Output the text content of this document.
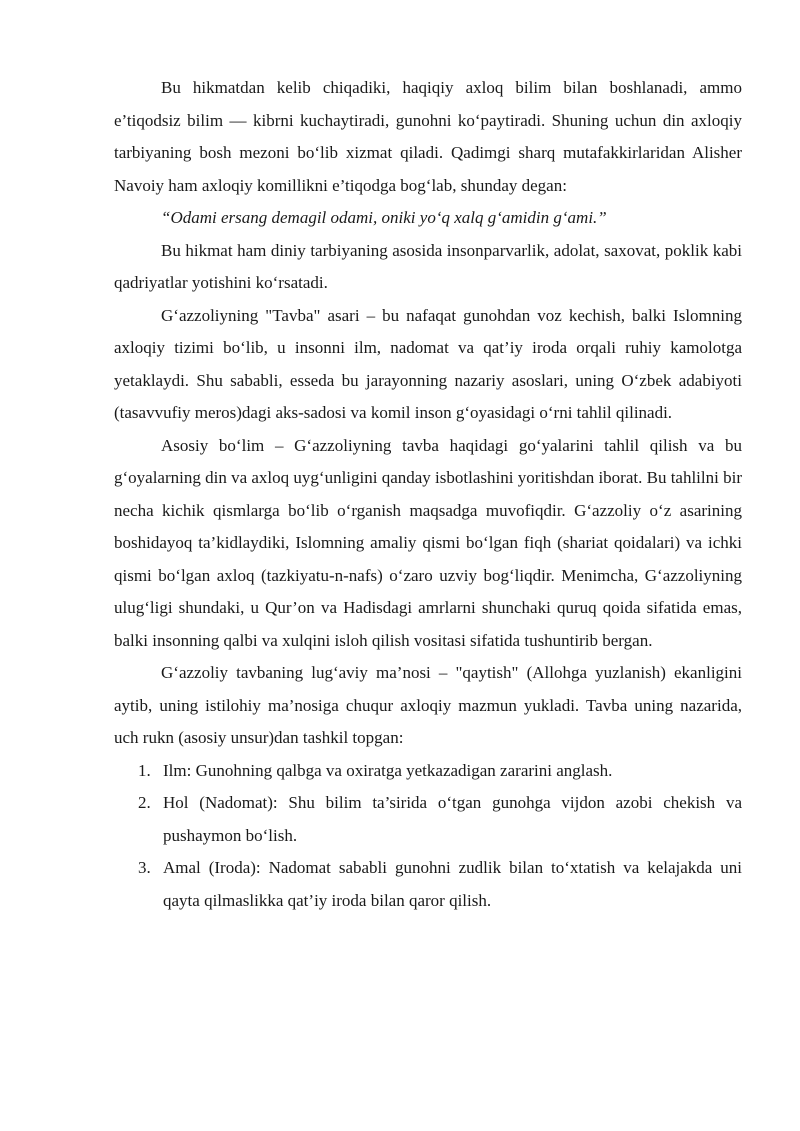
Bu hikmatdan kelib chiqadiki, haqiqiy axloq bilim bilan boshlanadi, ammo e’tiqodsiz bilim — kibrni kuchaytiradi, gunohni ko‘paytiradi. Shuning uchun din axloqiy tarbiyaning bosh mezoni bo‘lib xizmat qiladi. Qadimgi sharq mutafakkirlaridan Alisher Navoiy ham axloqiy komillikni e’tiqodga bog‘lab, shunday degan:

“Odami ersang demagil odami, oniki yo‘q xalq g‘amidin g‘ami.”

Bu hikmat ham diniy tarbiyaning asosida insonparvarlik, adolat, saxovat, poklik kabi qadriyatlar yotishini ko‘rsatadi.

G‘azzoliyning "Tavba" asari – bu nafaqat gunohdan voz kechish, balki Islomning axloqiy tizimi bo‘lib, u insonni ilm, nadomat va qat’iy iroda orqali ruhiy kamolotga yetaklaydi. Shu sababli, esseda bu jarayonning nazariy asoslari, uning O‘zbek adabiyoti (tasavvufiy meros)dagi aks-sadosi va komil inson g‘oyasidagi o‘rni tahlil qilinadi.

Asosiy bo‘lim – G‘azzoliyning tavba haqidagi go‘yalarini tahlil qilish va bu g‘oyalarning din va axloq uyg‘unligini qanday isbotlashini yoritishdan iborat. Bu tahlilni bir necha kichik qismlarga bo‘lib o‘rganish maqsadga muvofiqdir. G‘azzoliy o‘z asarining boshidayoq ta’kidlaydiki, Islomning amaliy qismi bo‘lgan fiqh (shariat qoidalari) va ichki qismi bo‘lgan axloq (tazkiyatu-n-nafs) o‘zaro uzviy bog‘liqdir. Menimcha, G‘azzoliyning ulug‘ligi shundaki, u Qur’on va Hadisdagi amrlarni shunchaki quruq qoida sifatida emas, balki insonning qalbi va xulqini isloh qilish vositasi sifatida tushuntirib bergan.

G‘azzoliy tavbaning lug‘aviy ma’nosi – "qaytish" (Allohga yuzlanish) ekanligini aytib, uning istilohiy ma’nosiga chuqur axloqiy mazmun yukladi. Tavba uning nazarida, uch rukn (asosiy unsur)dan tashkil topgan:

1. Ilm: Gunohning qalbga va oxiratga yetkazadigan zararini anglash.
2. Hol (Nadomat): Shu bilim ta’sirida o‘tgan gunohga vijdon azobi chekish va pushaymon bo‘lish.
3. Amal (Iroda): Nadomat sababli gunohni zudlik bilan to‘xtatish va kelajakda uni qayta qilmaslikka qat’iy iroda bilan qaror qilish.
